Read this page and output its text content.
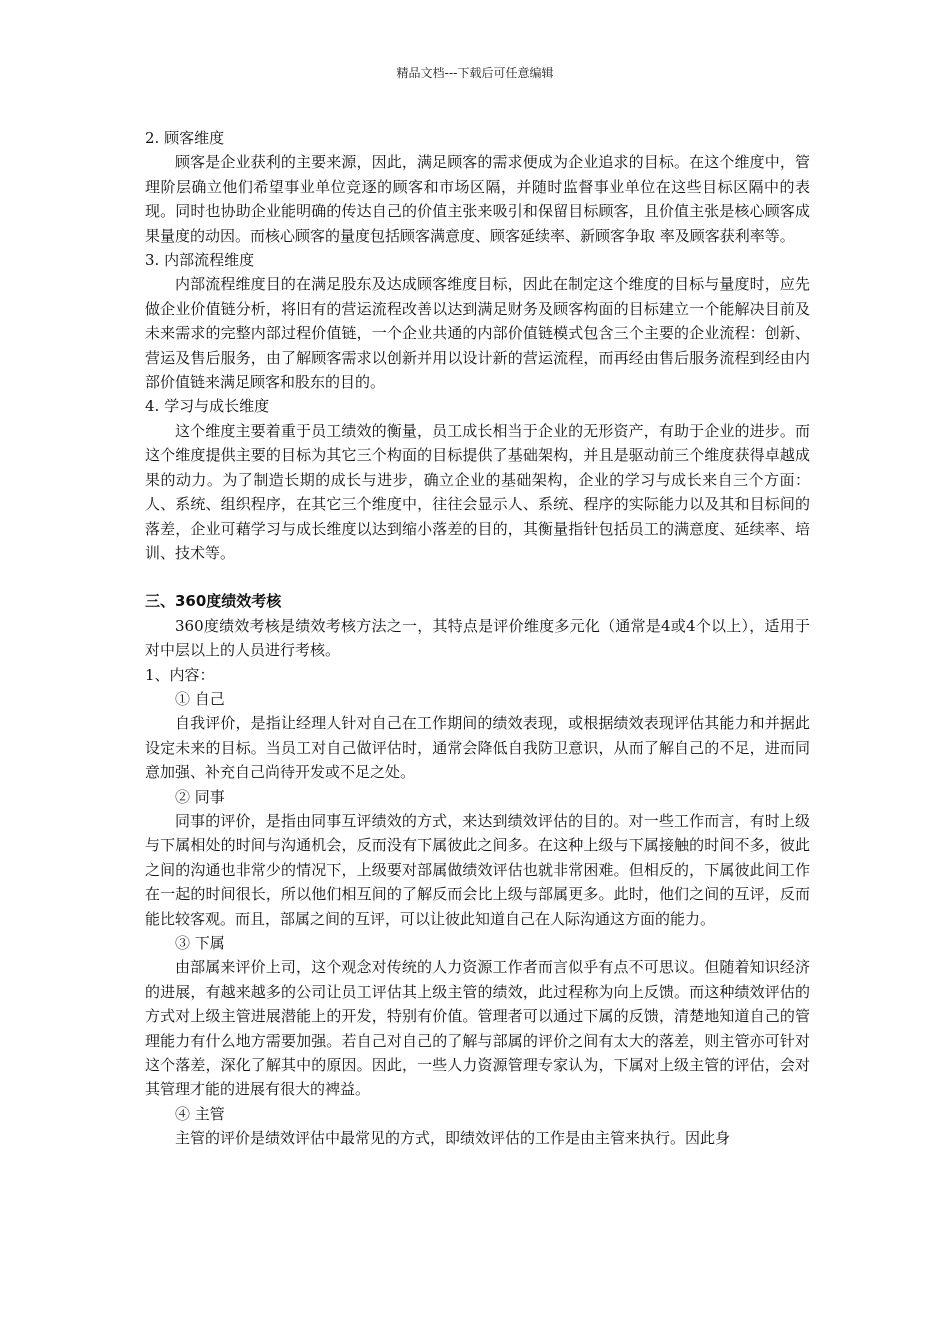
精品文档---下载后可任意编辑

2. 顾客维度

顾客是企业获利的主要来源，因此，满足顾客的需求便成为企业追求的目标。在这个维度中，管理阶层确立他们希望事业单位竞逐的顾客和市场区隔，并随时监督事业单位在这些目标区隔中的表现。同时也协助企业能明确的传达自己的价值主张来吸引和保留目标顾客，且价值主张是核心顾客成果量度的动因。而核心顾客的量度包括顾客满意度、顾客延续率、新顾客争取 率及顾客获利率等。

3. 内部流程维度

内部流程维度目的在满足股东及达成顾客维度目标，因此在制定这个维度的目标与量度时，应先做企业价值链分析，将旧有的营运流程改善以达到满足财务及顾客构面的目标建立一个能解决目前及未来需求的完整内部过程价值链，一个企业共通的内部价值链模式包含三个主要的企业流程：创新、营运及售后服务，由了解顾客需求以创新并用以设计新的营运流程，而再经由售后服务流程到经由内部价值链来满足顾客和股东的目的。

4. 学习与成长维度

这个维度主要着重于员工绩效的衡量，员工成长相当于企业的无形资产，有助于企业的进步。而这个维度提供主要的目标为其它三个构面的目标提供了基础架构，并且是驱动前三个维度获得卓越成果的动力。为了制造长期的成长与进步，确立企业的基础架构，企业的学习与成长来自三个方面：人、系统、组织程序，在其它三个维度中，往往会显示人、系统、程序的实际能力以及其和目标间的落差，企业可藉学习与成长维度以达到缩小落差的目的，其衡量指针包括员工的满意度、延续率、培训、技术等。

三、360度绩效考核

360度绩效考核是绩效考核方法之一，其特点是评价维度多元化（通常是4或4个以上），适用于对中层以上的人员进行考核。

1、内容：

① 自己

自我评价，是指让经理人针对自己在工作期间的绩效表现，或根据绩效表现评估其能力和并据此设定未来的目标。当员工对自己做评估时，通常会降低自我防卫意识，从而了解自己的不足，进而同意加强、补充自己尚待开发或不足之处。

② 同事

同事的评价，是指由同事互评绩效的方式，来达到绩效评估的目的。对一些工作而言，有时上级与下属相处的时间与沟通机会，反而没有下属彼此之间多。在这种上级与下属接触的时间不多，彼此之间的沟通也非常少的情况下，上级要对部属做绩效评估也就非常困难。但相反的，下属彼此间工作在一起的时间很长，所以他们相互间的了解反而会比上级与部属更多。此时，他们之间的互评，反而能比较客观。而且，部属之间的互评，可以让彼此知道自己在人际沟通这方面的能力。

③ 下属

由部属来评价上司，这个观念对传统的人力资源工作者而言似乎有点不可思议。但随着知识经济的进展，有越来越多的公司让员工评估其上级主管的绩效，此过程称为向上反馈。而这种绩效评估的方式对上级主管进展潜能上的开发，特别有价值。管理者可以通过下属的反馈，清楚地知道自己的管理能力有什么地方需要加强。若自己对自己的了解与部属的评价之间有太大的落差，则主管亦可针对这个落差，深化了解其中的原因。因此，一些人力资源管理专家认为，下属对上级主管的评估，会对其管理才能的进展有很大的裨益。

④ 主管

主管的评价是绩效评估中最常见的方式，即绩效评估的工作是由主管来执行。因此身
